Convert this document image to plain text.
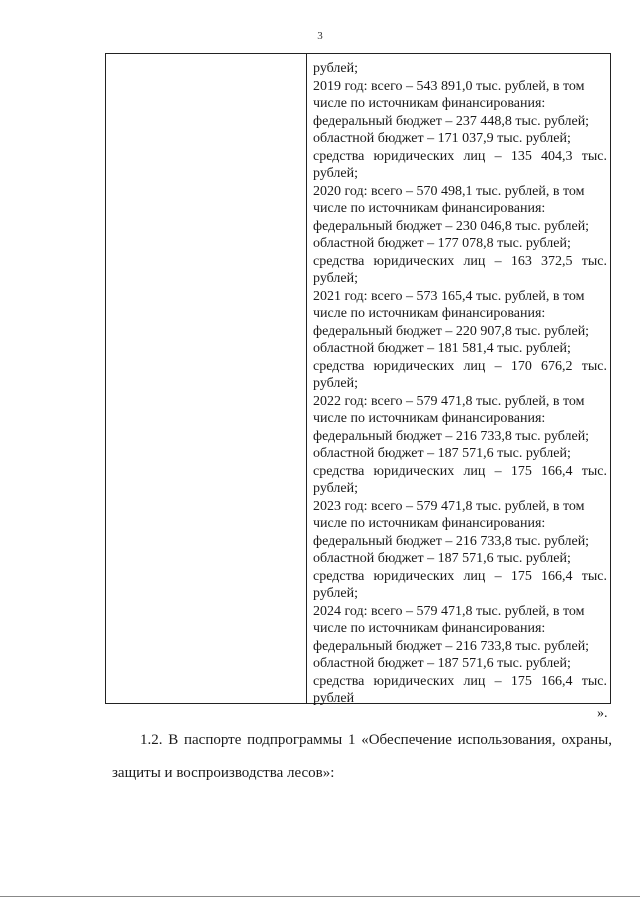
3
рублей;
2019 год: всего – 543 891,0 тыс. рублей, в том
числе по источникам финансирования:
федеральный бюджет – 237 448,8 тыс. рублей;
областной бюджет – 171 037,9 тыс. рублей;
средства юридических лиц – 135 404,3 тыс.
рублей;
2020 год: всего – 570 498,1 тыс. рублей, в том
числе по источникам финансирования:
федеральный бюджет – 230 046,8 тыс. рублей;
областной бюджет – 177 078,8 тыс. рублей;
средства юридических лиц – 163 372,5 тыс.
рублей;
2021 год: всего – 573 165,4 тыс. рублей, в том
числе по источникам финансирования:
федеральный бюджет – 220 907,8 тыс. рублей;
областной бюджет – 181 581,4 тыс. рублей;
средства юридических лиц – 170 676,2 тыс.
рублей;
2022 год: всего – 579 471,8 тыс. рублей, в том
числе по источникам финансирования:
федеральный бюджет – 216 733,8 тыс. рублей;
областной бюджет – 187 571,6 тыс. рублей;
средства юридических лиц – 175 166,4 тыс.
рублей;
2023 год: всего – 579 471,8 тыс. рублей, в том
числе по источникам финансирования:
федеральный бюджет – 216 733,8 тыс. рублей;
областной бюджет – 187 571,6 тыс. рублей;
средства юридических лиц – 175 166,4 тыс.
рублей;
2024 год: всего – 579 471,8 тыс. рублей, в том
числе по источникам финансирования:
федеральный бюджет – 216 733,8 тыс. рублей;
областной бюджет – 187 571,6 тыс. рублей;
средства юридических лиц – 175 166,4 тыс.
рублей
».
1.2. В паспорте подпрограммы 1 «Обеспечение использования, охраны,
защиты и воспроизводства лесов»:
